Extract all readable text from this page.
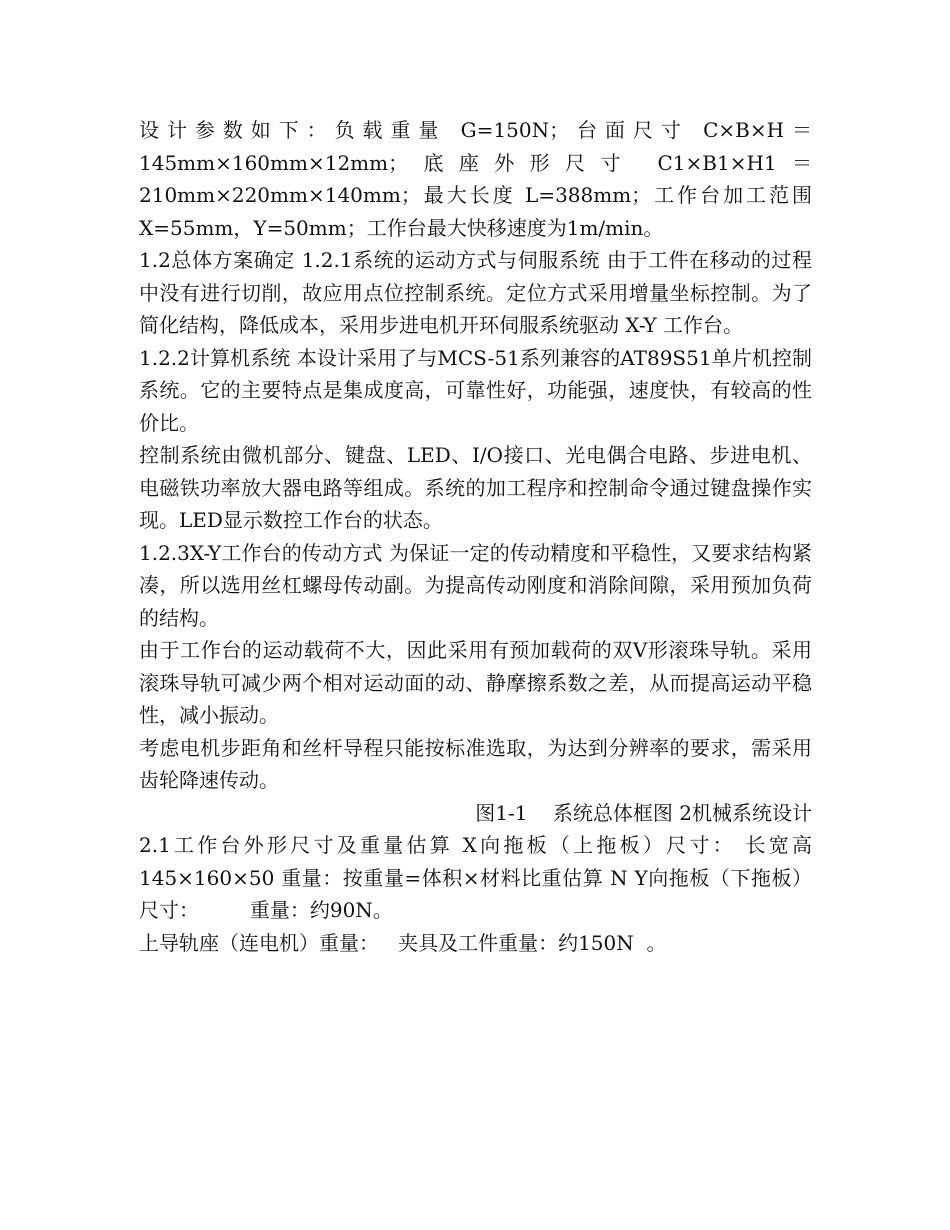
设计参数如下：负载重量 G=150N；台面尺寸 C×B×H＝145mm×160mm×12mm；底座外形尺寸 C1×B1×H1＝210mm×220mm×140mm；最大长度 L=388mm；工作台加工范围 X=55mm，Y=50mm；工作台最大快移速度为1m/min。

1.2总体方案确定 1.2.1系统的运动方式与伺服系统 由于工件在移动的过程中没有进行切削，故应用点位控制系统。定位方式采用增量坐标控制。为了简化结构，降低成本，采用步进电机开环伺服系统驱动 X-Y 工作台。

1.2.2计算机系统 本设计采用了与MCS-51系列兼容的AT89S51单片机控制系统。它的主要特点是集成度高，可靠性好，功能强，速度快，有较高的性价比。

控制系统由微机部分、键盘、LED、I/O接口、光电偶合电路、步进电机、电磁铁功率放大器电路等组成。系统的加工程序和控制命令通过键盘操作实现。LED显示数控工作台的状态。

1.2.3X-Y工作台的传动方式 为保证一定的传动精度和平稳性，又要求结构紧凑，所以选用丝杠螺母传动副。为提高传动刚度和消除间隙，采用预加负荷的结构。

由于工作台的运动载荷不大，因此采用有预加载荷的双V形滚珠导轨。采用滚珠导轨可减少两个相对运动面的动、静摩擦系数之差，从而提高运动平稳性，减小振动。

考虑电机步距角和丝杆导程只能按标准选取，为达到分辨率的要求，需采用齿轮降速传动。

图1-1    系统总体框图 2机械系统设计

2.1工作台外形尺寸及重量估算 X向拖板（上拖板）尺寸： 长宽高145×160×50 重量：按重量=体积×材料比重估算 N Y向拖板（下拖板）尺寸：        重量：约90N。

上导轨座（连电机）重量：   夹具及工件重量：约150N  。
